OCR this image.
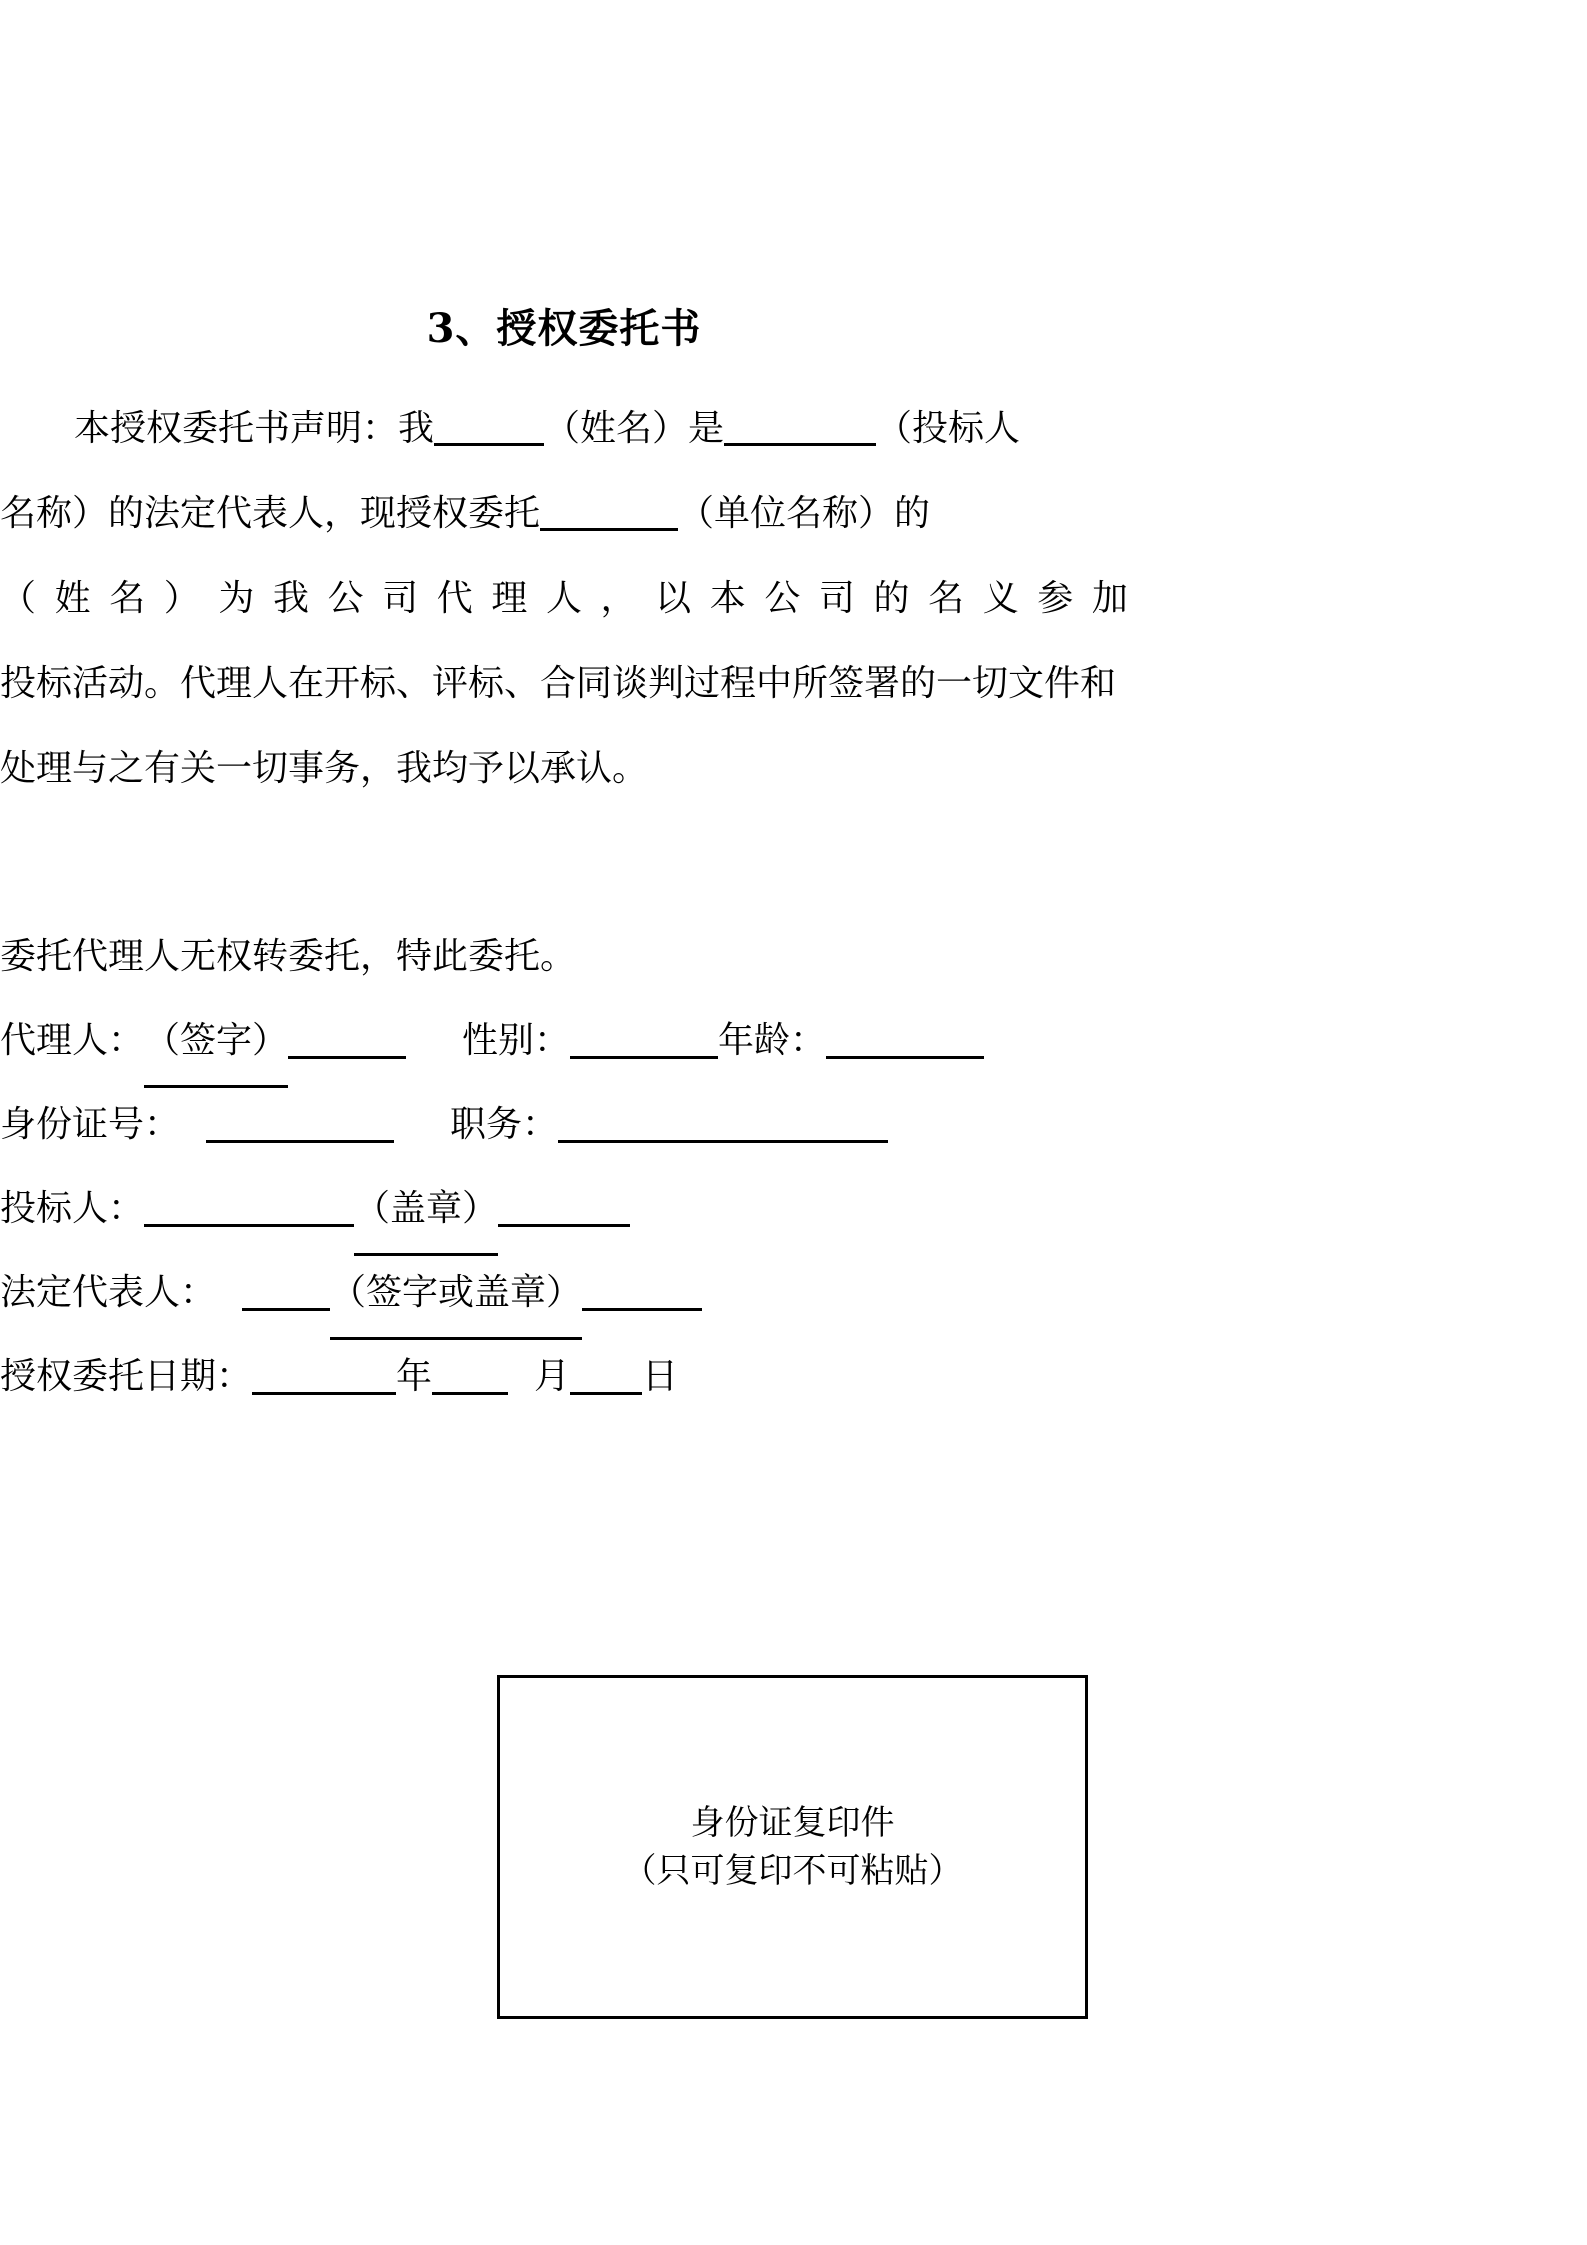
3、授权委托书
本授权委托书声明：我	（姓名）是	（投标人
名称）的法定代表人，现授权委托	（单位名称）的
（ 姓 名 ） 为 我 公 司 代 理 人 ， 以 本 公 司 的 名 义 参 加
投标活动。代理人在开标、评标、合同谈判过程中所签署的一切文件和
处理与之有关一切事务，我均予以承认。
委托代理人无权转委托，特此委托。
代理人：（签字）	性别：	年龄：
身份证号：	职务：
投标人：	（盖章）
法定代表人：	（签字或盖章）
授权委托日期：	年	月 日
身份证复印件
（只可复印不可粘贴）
